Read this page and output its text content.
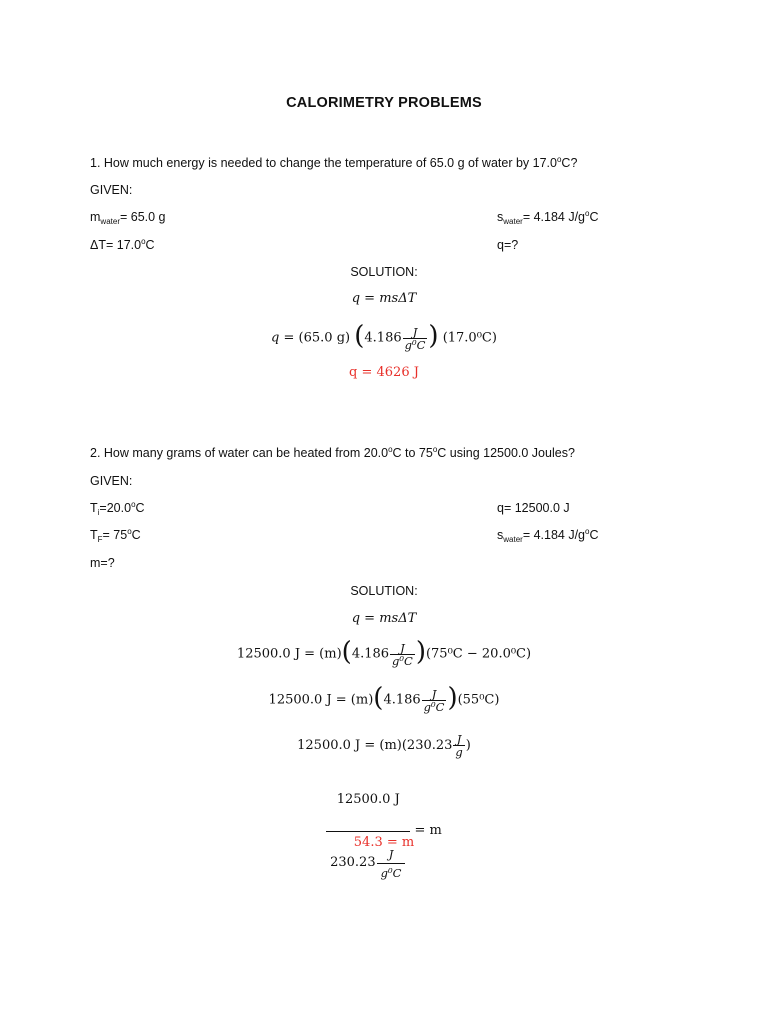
CALORIMETRY PROBLEMS
1. How much energy is needed to change the temperature of 65.0 g of water by 17.0$^o$C?
GIVEN:
$m_{water}= 65.0$ g	$s_{water}= 4.184$ $J/g^oC$
$\Delta T= 17.0^oC$	q=?
SOLUTION:
q = msΔT
q = (65.0 g) ($4.186 \frac{J}{\text{g⁰C}}$ ) (17.0⁰C)
q = 4626 J
2. How many grams of water can be heated from 20.0$^o$C to 75$^o$C using 12500.0 Joules?
GIVEN:
$T_i=20.0^oC$	q= 12500.0 J
$T_F= 75^oC$	$s_{water}= 4.184$ $J/g^oC$
m=?
SOLUTION:
q = msΔT
12500.0 $J = (m)(4.186 \frac{J}{\text{g⁰C}} )(75^0C - 20.0^0C)$
12500.0 $J = (m)(4.186 \frac{J}{\text{g⁰C}} )(55^0C)$
12500.0 $J = (m)(230.23 \frac{J}{g}$ )
$\frac{12500.0 J}{230.23 \frac{J}{\text{g⁰C}}} = m$
54.3 = m
